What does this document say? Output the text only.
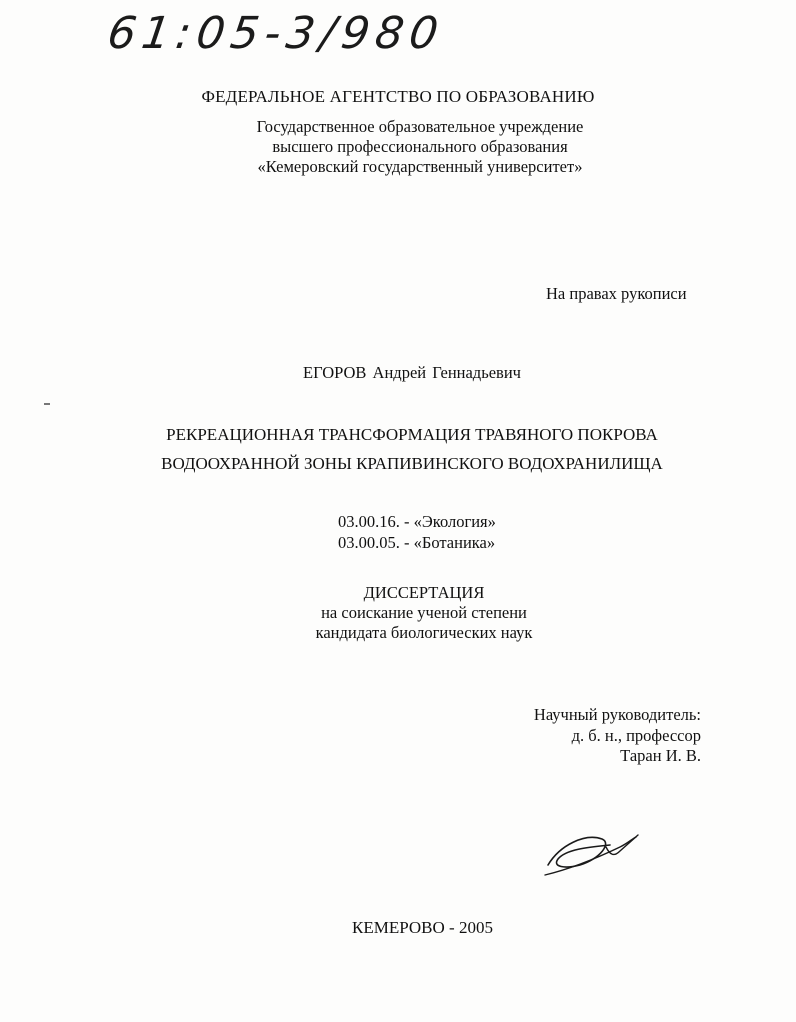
61:05-3/980
ФЕДЕРАЛЬНОЕ АГЕНТСТВО ПО ОБРАЗОВАНИЮ
Государственное образовательное учреждение
высшего профессионального образования
«Кемеровский государственный университет»
На правах рукописи
ЕГОРОВ Андрей Геннадьевич
РЕКРЕАЦИОННАЯ ТРАНСФОРМАЦИЯ ТРАВЯНОГО ПОКРОВА
ВОДООХРАННОЙ ЗОНЫ КРАПИВИНСКОГО ВОДОХРАНИЛИЩА
03.00.16. - «Экология»
03.00.05. - «Ботаника»
ДИССЕРТАЦИЯ
на соискание ученой степени
кандидата биологических наук
Научный руководитель:
д. б. н., профессор
Таран И. В.
КЕМЕРОВО - 2005
